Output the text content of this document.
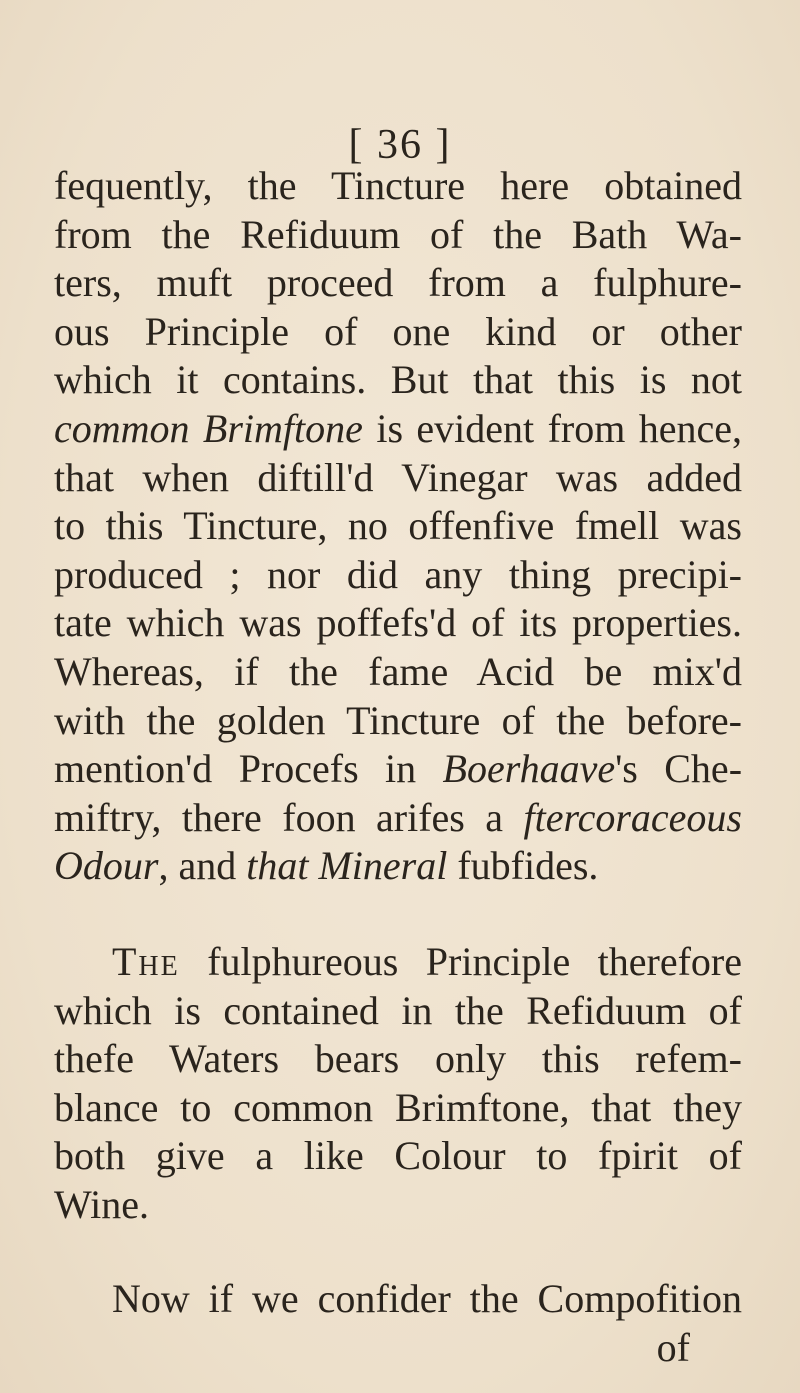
[ 36 ]
fequently, the Tincture here obtained
from the Refiduum of the Bath Wa-
ters, muft proceed from a fulphure-
ous Principle of one kind or other
which it contains. But that this is not
common Brimftone is evident from hence,
that when diftill'd Vinegar was added
to this Tincture, no offenfive fmell was
produced ; nor did any thing precipi-
tate which was poffefs'd of its properties.
Whereas, if the fame Acid be mix'd
with the golden Tincture of the before-
mention'd Procefs in Boerhaave's Che-
miftry, there foon arifes a ftercoraceous
Odour, and that Mineral fubfides.
The fulphureous Principle therefore
which is contained in the Refiduum of
thefe Waters bears only this refem-
blance to common Brimftone, that they
both give a like Colour to fpirit of
Wine.
Now if we confider the Compofition
of
